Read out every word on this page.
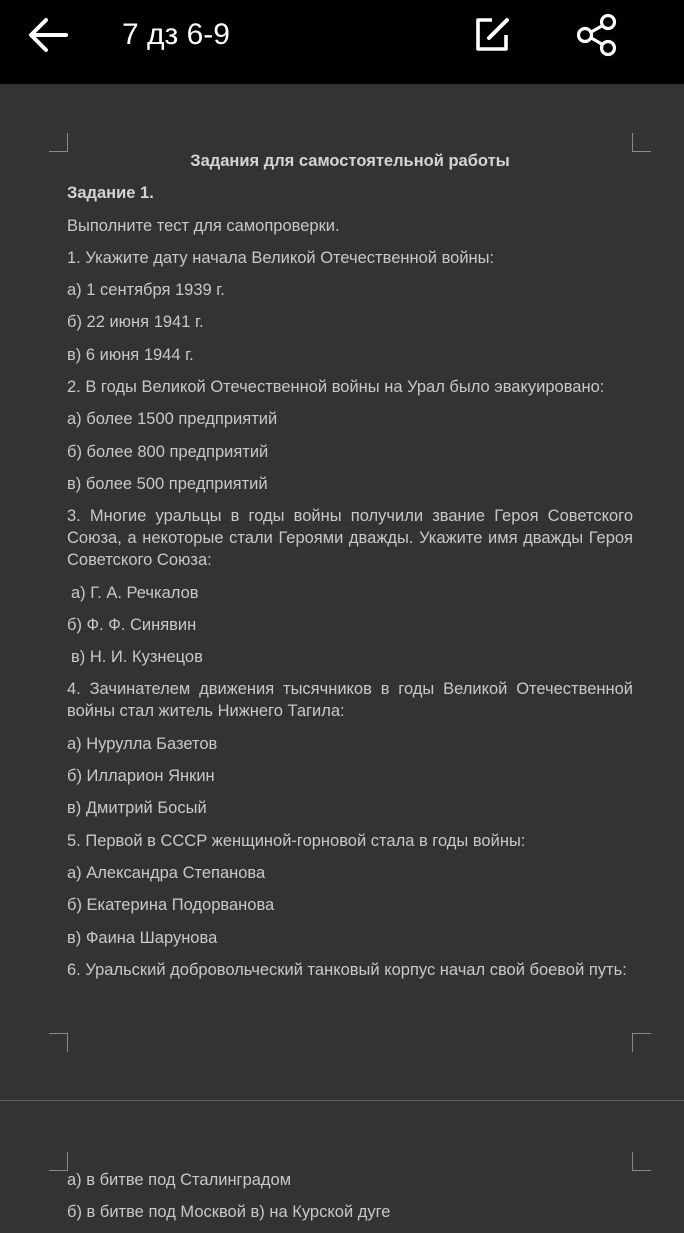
7 дз 6-9
Задания для самостоятельной работы
Задание 1.
Выполните тест для самопроверки.
1. Укажите дату начала Великой Отечественной войны:
а) 1 сентября 1939 г.
б) 22 июня 1941 г.
в) 6 июня 1944 г.
2. В годы Великой Отечественной войны на Урал было эвакуировано:
а) более 1500 предприятий
б) более 800 предприятий
в) более 500 предприятий
3. Многие уральцы в годы войны получили звание Героя Советского Союза, а некоторые стали Героями дважды. Укажите имя дважды Героя Советского Союза:
а) Г. А. Речкалов
б) Ф. Ф. Синявин
в) Н. И. Кузнецов
4. Зачинателем движения тысячников в годы Великой Отечественной войны стал житель Нижнего Тагила:
а) Нурулла Базетов
б) Илларион Янкин
в) Дмитрий Босый
5. Первой в СССР женщиной-горновой стала в годы войны:
а) Александра Степанова
б) Екатерина Подорванова
в) Фаина Шарунова
6. Уральский добровольческий танковый корпус начал свой боевой путь:
а) в битве под Сталинградом
б) в битве под Москвой в) на Курской дуге
